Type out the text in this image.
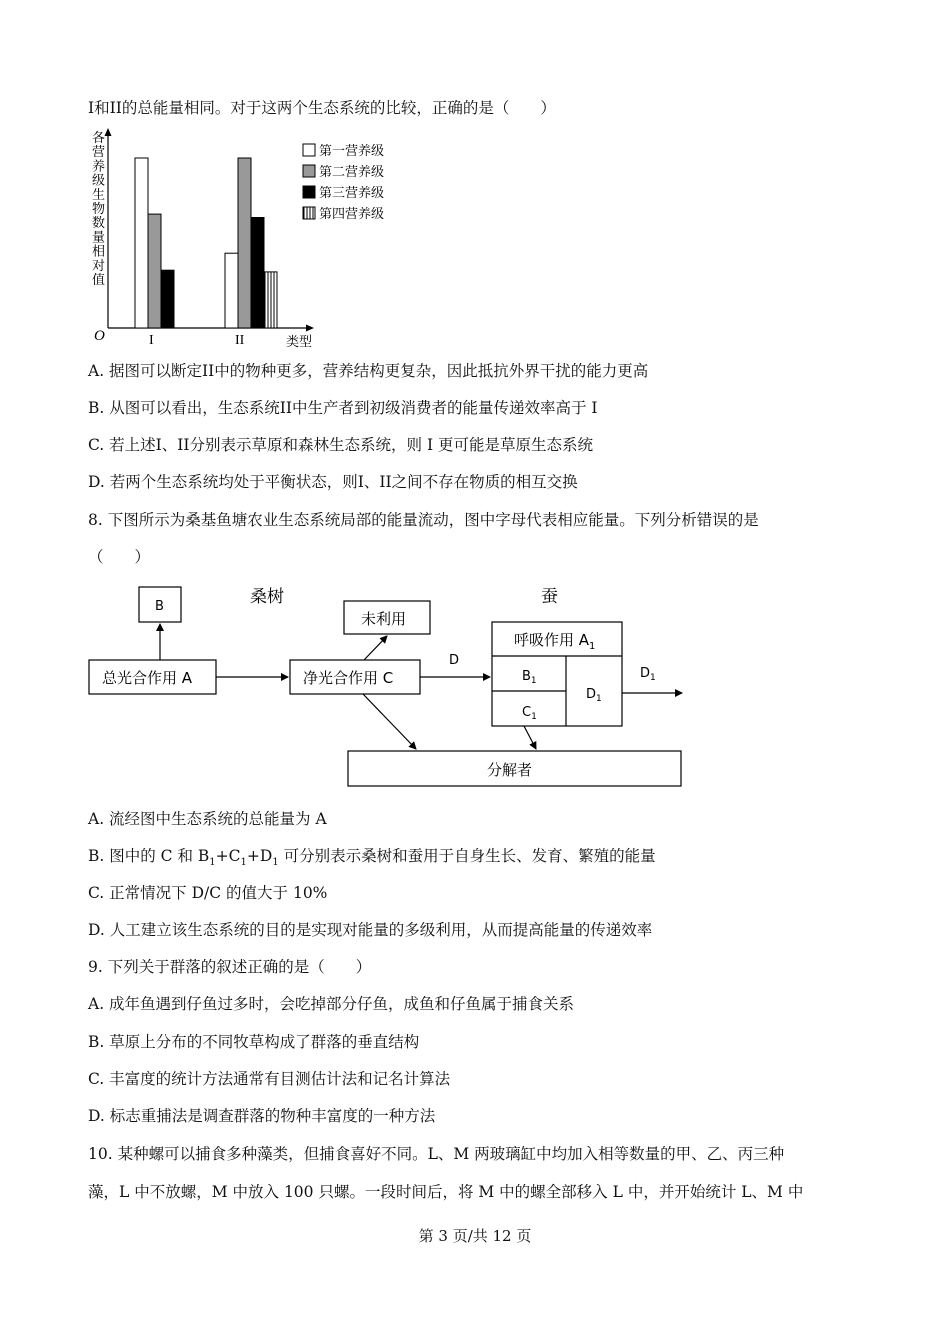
I和II的总能量相同。对于这两个生态系统的比较，正确的是（　　）
O	类型
各营养级生物数量相对值
I	II
第一营养级
第二营养级
第三营养级
第四营养级
A. 据图可以断定II中的物种更多，营养结构更复杂，因此抵抗外界干扰的能力更高
B. 从图可以看出，生态系统II中生产者到初级消费者的能量传递效率高于 I
C. 若上述I、II分别表示草原和森林生态系统，则 I 更可能是草原生态系统
D. 若两个生态系统均处于平衡状态，则I、II之间不存在物质的相互交换
8. 下图所示为桑基鱼塘农业生态系统局部的能量流动，图中字母代表相应能量。下列分析错误的是
（　　）
桑树	蚕
B
总光合作用 A	净光合作用 C
未利用
呼吸作用 $A_1$
$B_1$
$C_1$
$D_1$
分解者
D
$D_1$
A. 流经图中生态系统的总能量为 A
B. 图中的 C 和 $B_1+C_1+D_1$ 可分别表示桑树和蚕用于自身生长、发育、繁殖的能量
C. 正常情况下 D/C 的值大于 10%
D. 人工建立该生态系统的目的是实现对能量的多级利用，从而提高能量的传递效率
9. 下列关于群落的叙述正确的是（　　）
A. 成年鱼遇到仔鱼过多时，会吃掉部分仔鱼，成鱼和仔鱼属于捕食关系
B. 草原上分布的不同牧草构成了群落的垂直结构
C. 丰富度的统计方法通常有目测估计法和记名计算法
D. 标志重捕法是调查群落的物种丰富度的一种方法
10. 某种螺可以捕食多种藻类，但捕食喜好不同。L、M 两玻璃缸中均加入相等数量的甲、乙、丙三种
藻，L 中不放螺，M 中放入 100 只螺。一段时间后，将 M 中的螺全部移入 L 中，并开始统计 L、M 中
第 3 页/共 12 页
